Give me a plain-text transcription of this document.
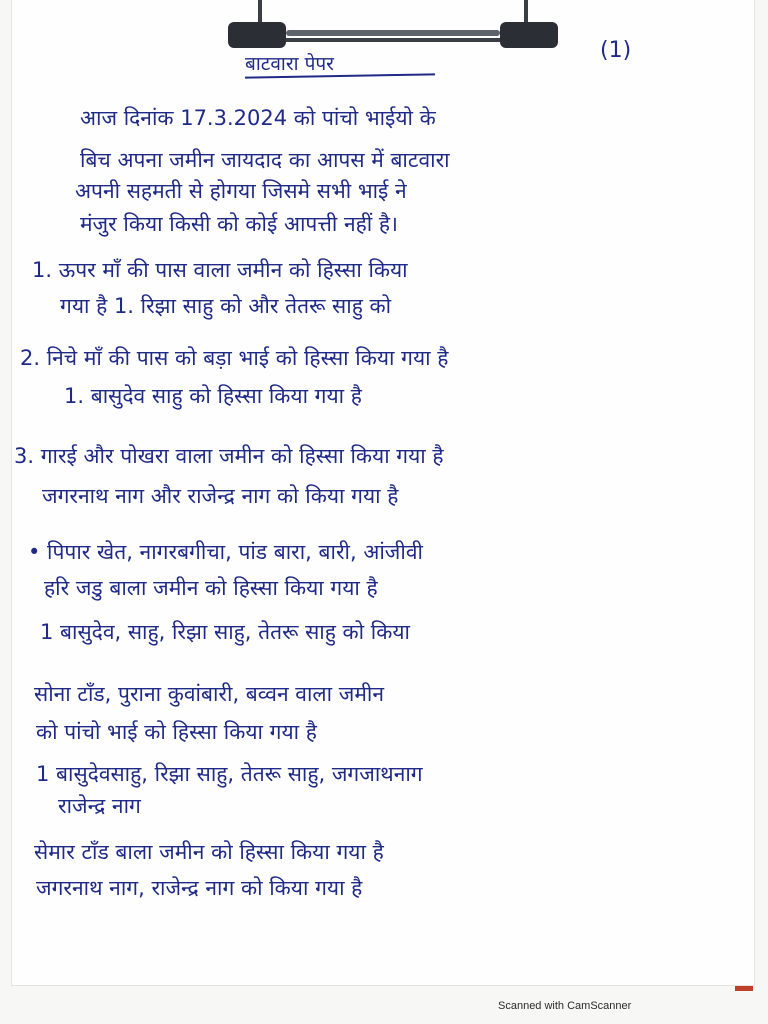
बाटवारा पेपर
(1)
आज दिनांक 17.3.2024 को पांचो भाईयो के
बिच अपना जमीन जायदाद का आपस में बाटवारा
अपनी सहमती से होगया जिसमे सभी भाई ने
मंजुर किया किसी को कोई आपत्ती नहीं है।
1. ऊपर माँ की पास वाला जमीन को हिस्सा किया
गया है 1. रिझा साहु को और तेतरू साहु को
2. निचे माँ की पास को बड़ा भाई को हिस्सा किया गया है
1. बासुदेव साहु को हिस्सा किया गया है
3. गारई और पोखरा वाला जमीन को हिस्सा किया गया है
जगरनाथ नाग और राजेन्द्र नाग को किया गया है
• पिपार खेत, नागरबगीचा, पांड बारा, बारी, आंजीवी
हरि जडु बाला जमीन को हिस्सा किया गया है
1 बासुदेव, साहु, रिझा साहु, तेतरू साहु को किया
सोना टाँड, पुराना कुवांबारी, बव्वन वाला जमीन
को पांचो भाई को हिस्सा किया गया है
1 बासुदेवसाहु, रिझा साहु, तेतरू साहु, जगजाथनाग
राजेन्द्र नाग
सेमार टाँड बाला जमीन को हिस्सा किया गया है
जगरनाथ नाग, राजेन्द्र नाग को किया गया है
Scanned with CamScanner
